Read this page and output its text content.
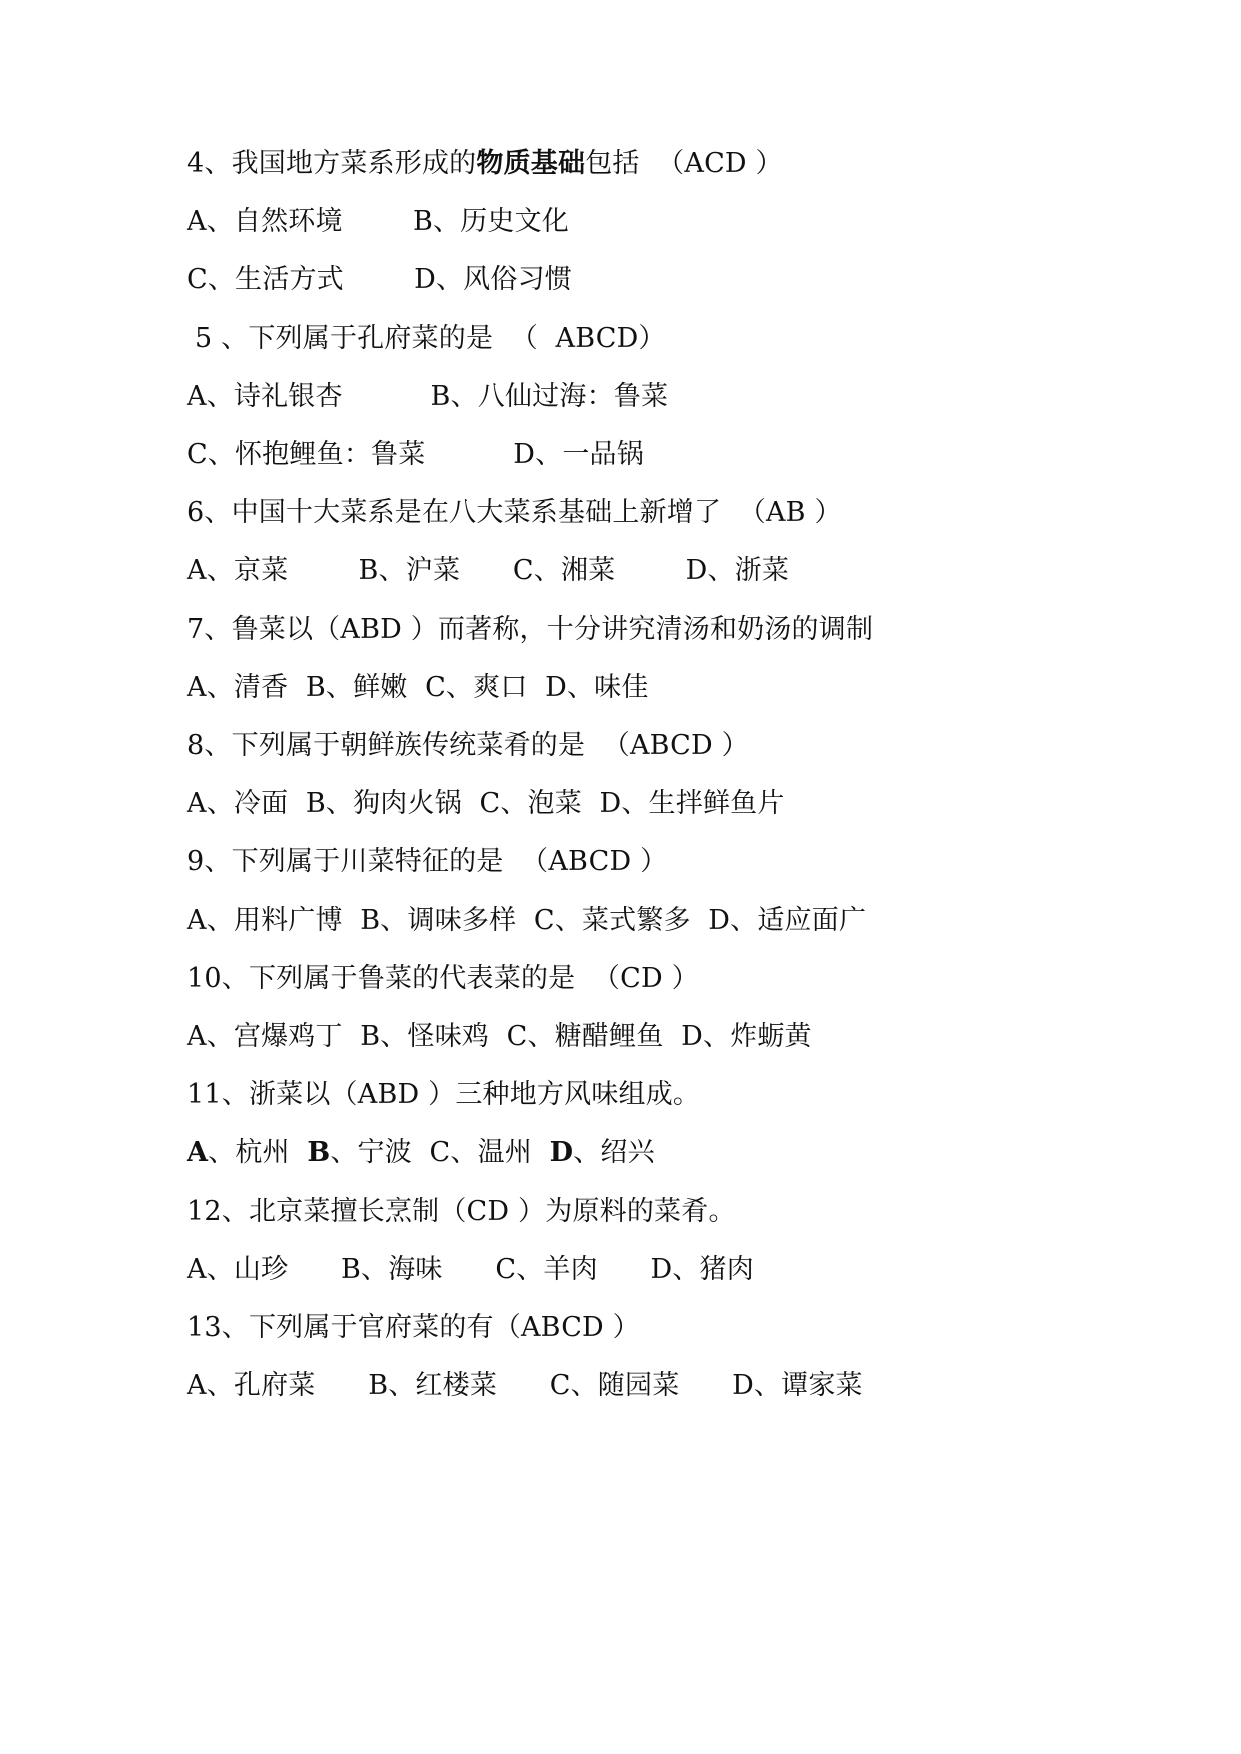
4、我国地方菜系形成的物质基础包括  （ACD ）
A、自然环境        B、历史文化
C、生活方式        D、风俗习惯
5 、下列属于孔府菜的是  （  ABCD）
A、诗礼银杏          B、八仙过海：鲁菜
C、怀抱鲤鱼：鲁菜          D、一品锅
6、中国十大菜系是在八大菜系基础上新增了  （AB ）
A、京菜        B、沪菜      C、湘菜        D、浙菜
7、鲁菜以（ABD ）而著称，十分讲究清汤和奶汤的调制
A、清香  B、鲜嫩  C、爽口  D、味佳
8、下列属于朝鲜族传统菜肴的是  （ABCD ）
A、冷面  B、狗肉火锅  C、泡菜  D、生拌鲜鱼片
9、下列属于川菜特征的是  （ABCD ）
A、用料广博  B、调味多样  C、菜式繁多  D、适应面广
10、下列属于鲁菜的代表菜的是  （CD ）
A、宫爆鸡丁  B、怪味鸡  C、糖醋鲤鱼  D、炸蛎黄
11、浙菜以（ABD ）三种地方风味组成。
A、杭州  B、宁波  C、温州  D、绍兴
12、北京菜擅长烹制（CD ）为原料的菜肴。
A、山珍      B、海味      C、羊肉      D、猪肉
13、下列属于官府菜的有（ABCD ）
A、孔府菜      B、红楼菜      C、随园菜      D、谭家菜
